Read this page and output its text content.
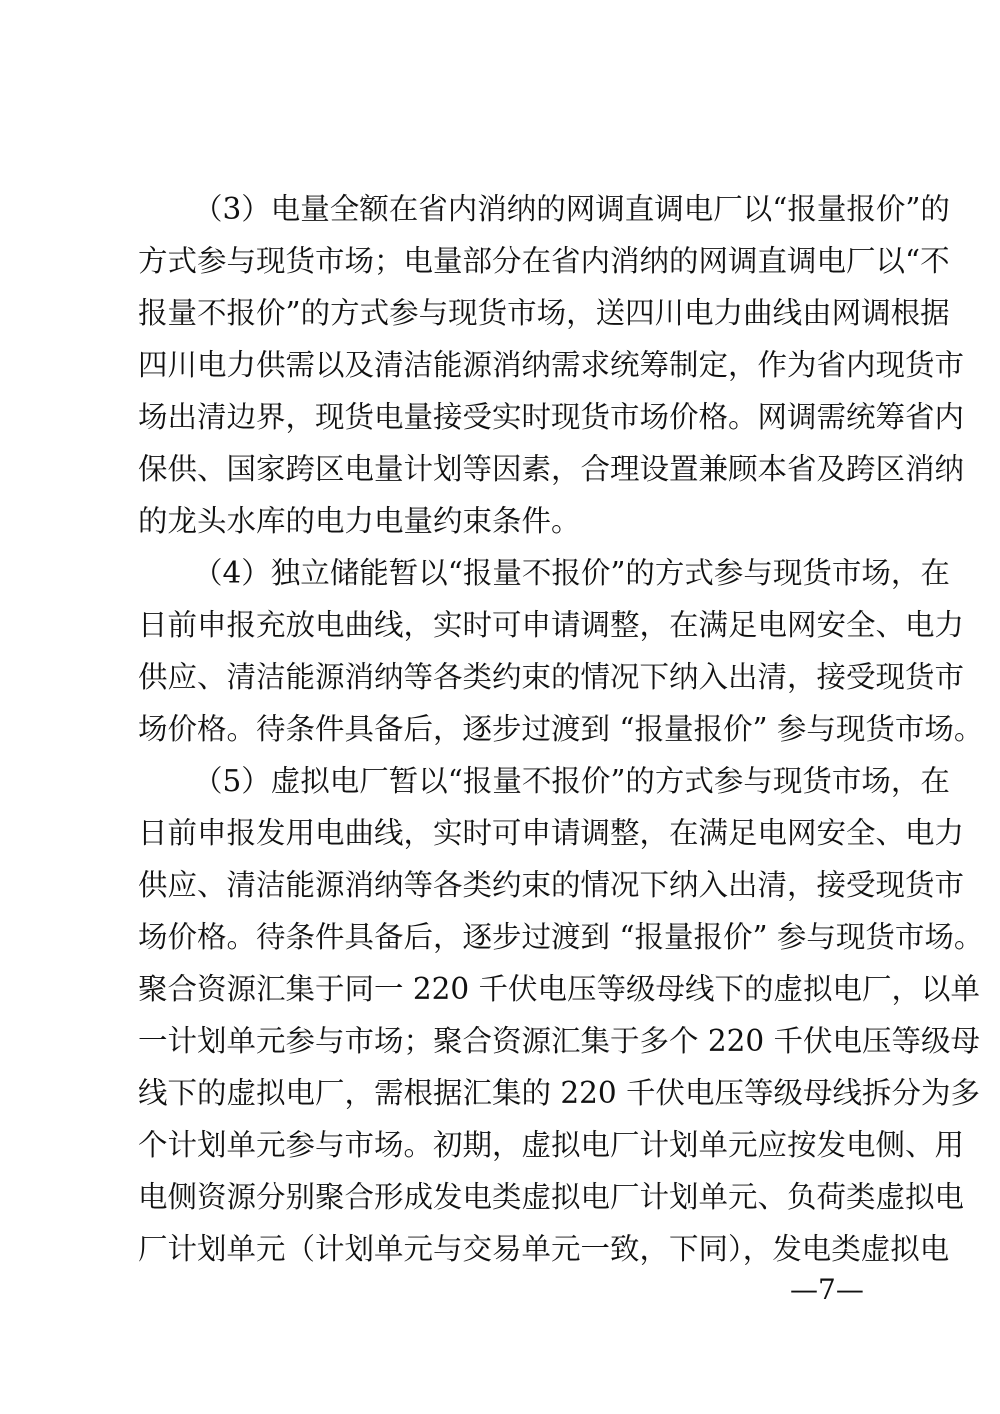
（3）电量全额在省内消纳的网调直调电厂以“报量报价”的
方式参与现货市场；电量部分在省内消纳的网调直调电厂以“不
报量不报价”的方式参与现货市场，送四川电力曲线由网调根据
四川电力供需以及清洁能源消纳需求统筹制定，作为省内现货市
场出清边界，现货电量接受实时现货市场价格。网调需统筹省内
保供、国家跨区电量计划等因素，合理设置兼顾本省及跨区消纳
的龙头水库的电力电量约束条件。
（4）独立储能暂以“报量不报价”的方式参与现货市场，在
日前申报充放电曲线，实时可申请调整，在满足电网安全、电力
供应、清洁能源消纳等各类约束的情况下纳入出清，接受现货市
场价格。待条件具备后，逐步过渡到 “报量报价” 参与现货市场。
（5）虚拟电厂暂以“报量不报价”的方式参与现货市场，在
日前申报发用电曲线，实时可申请调整，在满足电网安全、电力
供应、清洁能源消纳等各类约束的情况下纳入出清，接受现货市
场价格。待条件具备后，逐步过渡到 “报量报价” 参与现货市场。
聚合资源汇集于同一 220 千伏电压等级母线下的虚拟电厂，以单
一计划单元参与市场；聚合资源汇集于多个 220 千伏电压等级母
线下的虚拟电厂，需根据汇集的 220 千伏电压等级母线拆分为多
个计划单元参与市场。初期，虚拟电厂计划单元应按发电侧、用
电侧资源分别聚合形成发电类虚拟电厂计划单元、负荷类虚拟电
厂计划单元（计划单元与交易单元一致，下同），发电类虚拟电
—7—
